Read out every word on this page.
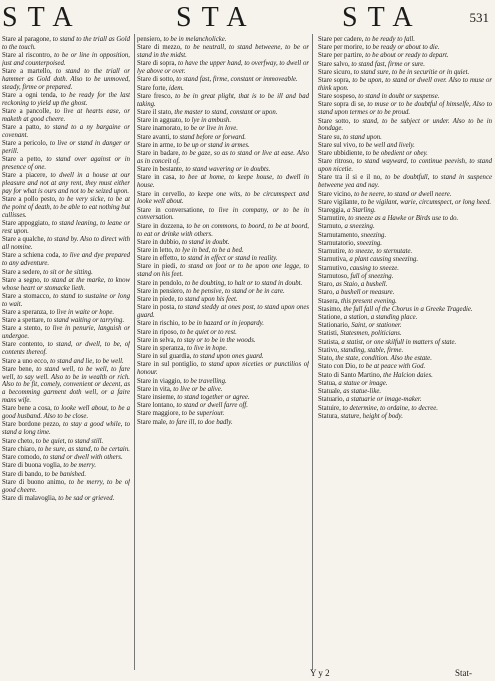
STA	STA	STA	531

Stare al paragone, to stand to the triall as Gold to the touch.

Stare al riscontro, to be or line in opposition, just and counterpoised.

Stare a martello, to stand to the triall or hammer as Gold doth. Also to be unmoved, steady, firme or prepared.

Stare a ogni tenda, to be ready for the last reckoning to yield up the ghost.

Stare a pancolle, to live at hearts ease, or maketh at good cheere.

Stare a patto, to stand to a ny bargaine or covenant.

Stare a pericolo, to live or stand in danger or perill.

Stare a petto, to stand over against or in presence of one.

Stare a piacere, to dwell in a house at our pleasure and not at any rent, they must either pay for what is ours and not to be seized upon.

Stare a pollo pesto, to be very sicke, to be at the point of death, to be able to eat nothing but cullisses.

Stare appoggiato, to stand leaning, to leane or rest upon.

Stare a qualche, to stand by. Also to direct with all nomine.

Stare a schiena coda, to live and dye prepared to any adventure.

Stare a sedere, to sit or be sitting.

Stare a segno, to stand at the marke, to know whose heart or stomacke lieth.

Stare a stomacco, to stand to sustaine or long to wait.

Stare a speranza, to live in waite or hope.

Stare a spettare, to stand waiting or tarrying.

Stare a stento, to live in penurie, languish or undergoe.

Stare contento, to stand, or dwell, to be, of contents thereof.

Stare a uno ecco, to stand and lie, to be well.

Stare bene, to stand well, to be well, to fare well, to say well. Also to be in wealth or rich. Also to be fit, comely, convenient or decent, as a becomming garment doth well, or a faire mans wife.

Stare bene a cosa, to looke well about, to be a good husband. Also to be close.

Stare bordone pezzo, to stay a good while, to stand a long time.

Stare cheto, to be quiet, to stand still.

Stare chiaro, to be sure, as stand, to be certain.

Stare comodo, to stand or dwell with others.

Stare di buona voglia, to be merry.

Stare di bando, to be banished.

Stare di buono animo, to be merry, to be of good cheere.

Stare di malavoglia, to be sad or grieved.

pensiero, to be in melancholicke.

Stare di mezzo, to be neutrall, to stand betweene, to be or stand in the midst.

Stare di sopra, to have the upper hand, to overfway, to dwell or lye above or over.

Stare di sotto, to stand fast, firme, constant or immoveable.

Stare forte, idem.

Stare fresco, to be in great plight, that is to be ill and bad taking.

Stare il stato, the master to stand, constant or upon.

Stare in agguato, to lye in ambush.

Stare inamorato, to be or live in love.

Stare avanti, to stand before or forward.

Stare in arme, to be up or stand in armes.

Stare in badare, to be gaze, so as to stand or live at ease. Also as in conceit of.

Stare in bestante, to stand wavering or in doubts.

Stare in casa, to bee at home, to keepe house, to dwell in house.

Stare in cervello, to keepe one wits, to be circumspect and looke well about.

Stare in conversatione, to live in company, or to be in conversation.

Stare in dozzena, to be on commons, to boord, to be at boord, to eat or drinke with others.

Stare in dubbio, to stand in doubt.

Stare in letto, to lye in bed, to be a bed.

Stare in effetto, to stand in effect or stand in reality.

Stare in piedi, to stand on foot or to be upon one legge, to stand on his feet.

Stare in pendolo, to be doubting, to halt or to stand in doubt.

Stare in pensiero, to be pensive, to stand or be in care.

Stare in piede, to stand upon his feet.

Stare in posta, to stand steddy at ones post, to stand upon ones guard.

Stare in rischio, to be in hazard or in jeopardy.

Stare in riposo, to be quiet or to rest.

Stare in selva, to stay or to be in the woods.

Stare in speranza, to live in hope.

Stare in sul guardia, to stand upon ones guard.

Stare in sul pontiglio, to stand upon niceties or punctilios of honour.

Stare in viaggio, to be travelling.

Stare in vita, to live or be alive.

Stare insieme, to stand together or agree.

Stare lontano, to stand or dwell farre off.

Stare maggiore, to be superiour.

Stare male, to fare ill, to doe badly.

Stare per cadere, to be ready to fall.

Stare per morire, to be ready or about to die.

Stare per partire, to be about or ready to depart.

Stare salvo, to stand fast, firme or sure.

Stare sicuro, to stand sure, to be in securitie or in quiet.

Stare sopra, to be upon, to stand or dwell over. Also to muse or think upon.

Stare sospeso, to stand in doubt or suspense.

Stare sopra di se, to muse or to be doubtful of himselfe, Also to stand upon termes or to be proud.

Stare sotto, to stand, to be subject or under. Also to be in bondage.

Stare su, to stand upon.

Stare sul vivo, to be well and lively.

Stare ubbidiente, to be obedient or obey.

Stare ritroso, to stand wayward, to continue peevish, to stand upon nicetie.

Stare tra il si e il no, to be doubtfull, to stand in suspence betweene yea and nay.

Stare vicino, to be neere, to stand or dwell neere.

Stare vigilante, to be vigilant, warie, circumspect, or long heed.

Stareggia, a Starling.

Starnutire, to sneeze as a Hawke or Birds use to do.

Starnuto, a sneezing.

Starnutamento, sneezing.

Starnutatorio, sneezing.

Starnutire, to sneeze, to sternutate.

Starnutiva, a plant causing sneezing.

Starnutivo, causing to sneeze.

Starnutoso, full of sneezing.

Staro, as Staio, a bushell.

Staro, a bushell or measure.

Stasera, this present evening.

Stasimo, the full fall of the Chorus in a Greeke Tragedie.

Statione, a station, a standing place.

Stationario, Saint, or stationer.

Statisti, Statesmen, politicians.

Statista, a statist, or one skilfull in matters of state.

Stativo, standing, stable, firme.

Stato, the state, condition. Also the estate.

Stato con Dio, to be at peace with God.

Stato di Santo Martino, the Halcion daies.

Statua, a statue or image.

Statuale, as statue-like.

Statuario, a statuarie or image-maker.

Statuire, to determine, to ordaine, to decree.

Statura, stature, height of body.

Y y 2	Stat-
